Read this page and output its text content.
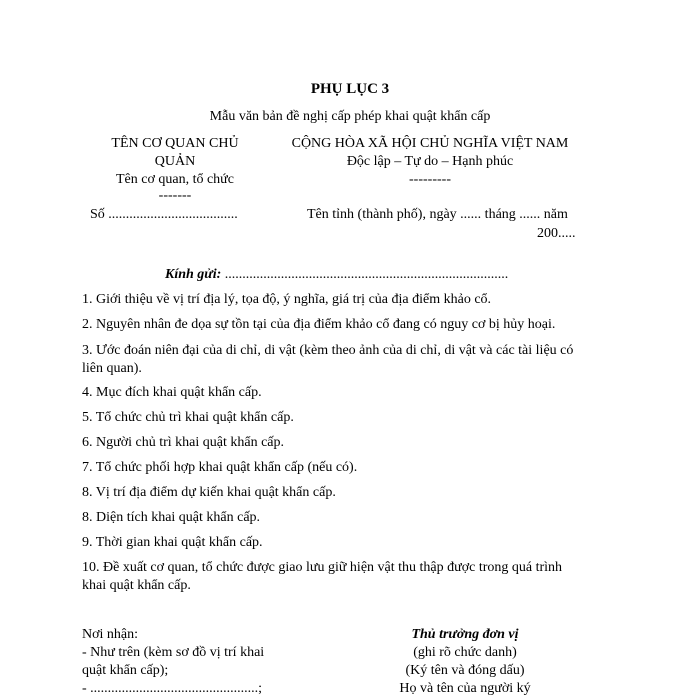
PHỤ LỤC 3
Mẫu văn bản đề nghị cấp phép khai quật khẩn cấp
TÊN CƠ QUAN CHỦ
QUẢN
Tên cơ quan, tổ chức
-------
Số .....................................
CỘNG HÒA XÃ HỘI CHỦ NGHĨA VIỆT NAM
Độc lập – Tự do – Hạnh phúc
---------
Tên tỉnh (thành phố), ngày ...... tháng ...... năm
200.....
Kính gửi: .................................................................................
1. Giới thiệu về vị trí địa lý, tọa độ, ý nghĩa, giá trị của địa điểm khảo cổ.
2. Nguyên nhân đe dọa sự tồn tại của địa điểm khảo cổ đang có nguy cơ bị hủy hoại.
3. Ước đoán niên đại của di chỉ, di vật (kèm theo ảnh của di chỉ, di vật và các tài liệu có
liên quan).
4. Mục đích khai quật khẩn cấp.
5. Tổ chức chủ trì khai quật khẩn cấp.
6. Người chủ trì khai quật khẩn cấp.
7. Tổ chức phối hợp khai quật khẩn cấp (nếu có).
8. Vị trí địa điểm dự kiến khai quật khẩn cấp.
8. Diện tích khai quật khẩn cấp.
9. Thời gian khai quật khẩn cấp.
10. Đề xuất cơ quan, tổ chức được giao lưu giữ hiện vật thu thập được trong quá trình
khai quật khẩn cấp.
Nơi nhận:
- Như trên (kèm sơ đồ vị trí khai
quật khẩn cấp);
- ................................................;
Thủ trưởng đơn vị
(ghi rõ chức danh)
(Ký tên và đóng dấu)
Họ và tên của người ký
